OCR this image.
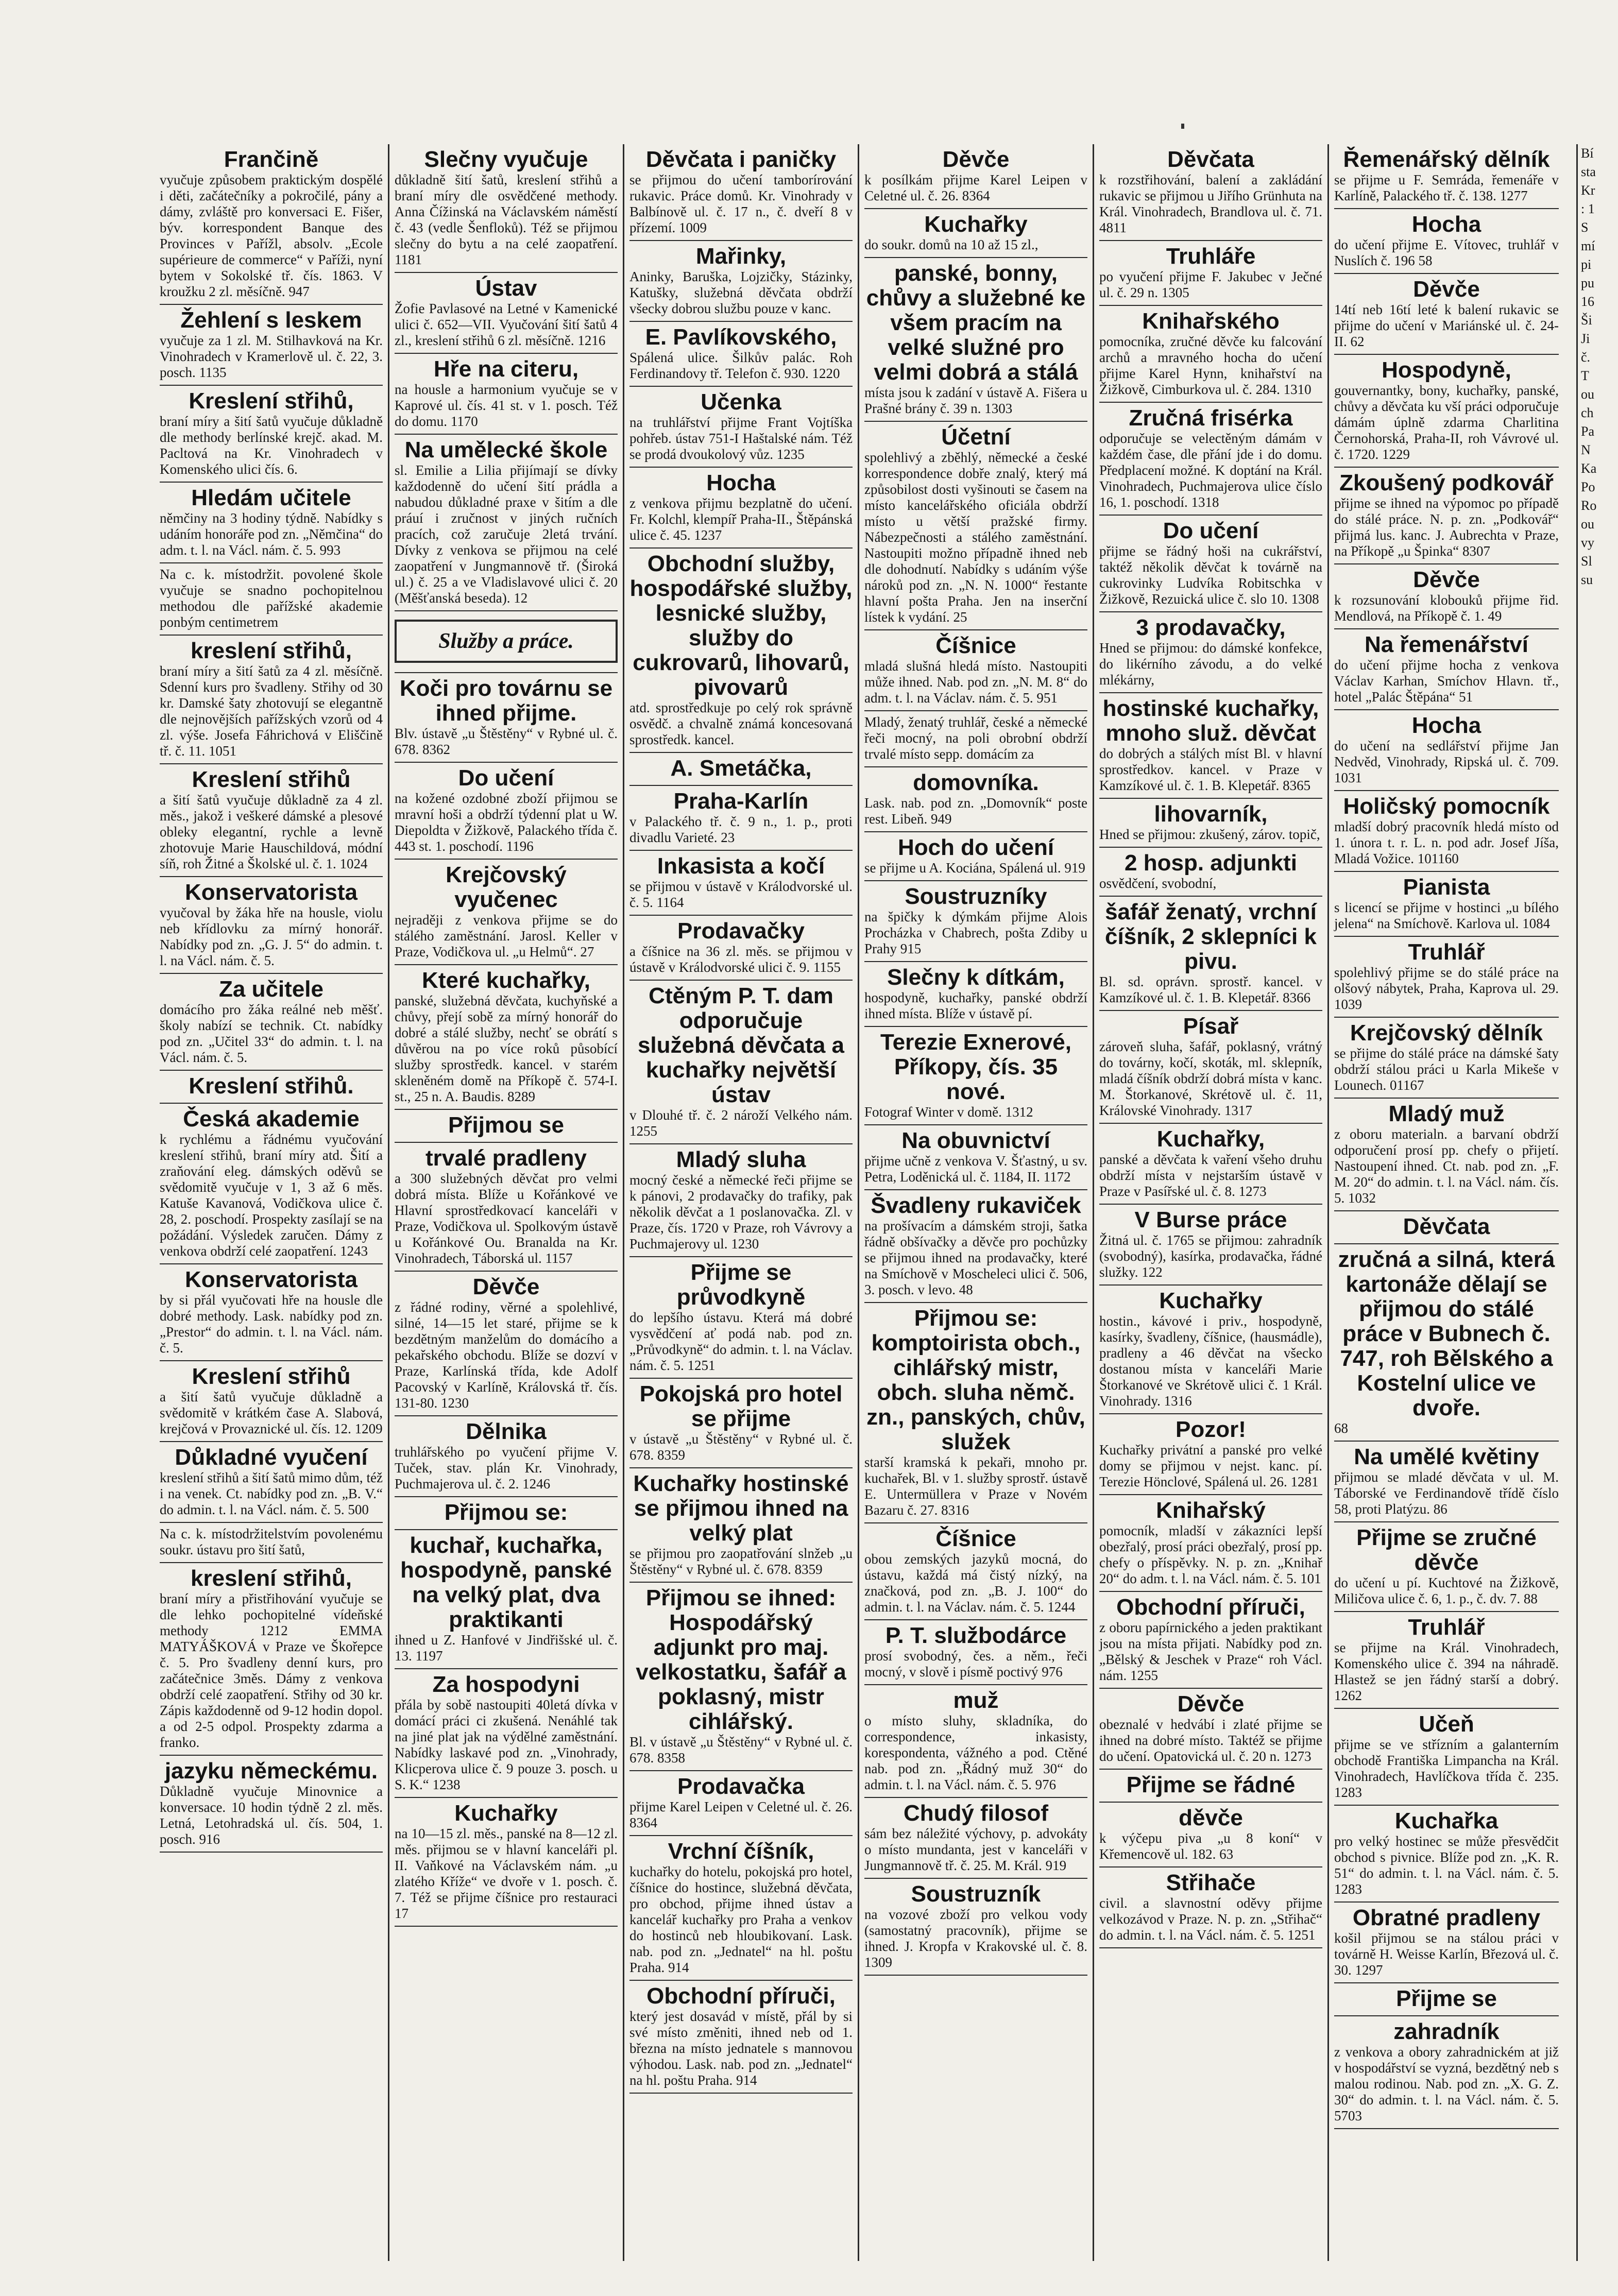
Frančině

vyučuje způsobem praktickým dospělé i děti, začátečníky a pokročilé, pány a dámy, zvláště pro konversaci E. Fišer, býv. korrespondent Banque des Provinces v Pařížl, absolv. „Ecole supérieure de commerce“ v Paříži, nyní bytem v Sokolské tř. čís. 1863. V kroužku 2 zl. měsíčně. 947

Žehlení s leskem

vyučuje za 1 zl. M. Stilhavková na Kr. Vinohradech v Kramerlově ul. č. 22, 3. posch. 1135

Kreslení střihů,

braní míry a šití šatů vyučuje důkladně dle methody berlínské krejč. akad. M. Pacltová na Kr. Vinohradech v Komenského ulici čís. 6.

Hledám učitele

němčiny na 3 hodiny týdně. Nabídky s udáním honoráře pod zn. „Němčina“ do adm. t. l. na Václ. nám. č. 5. 993

Na c. k. místodržit. povolené škole vyučuje se snadno pochopitelnou methodou dle pařížské akademie ponbým centimetrem

kreslení střihů,

braní míry a šití šatů za 4 zl. měsíčně. Sdenní kurs pro švadleny. Střihy od 30 kr. Damské šaty zhotovují se elegantně dle nejnovějších pařížských vzorů od 4 zl. výše. Josefa Fáhrichová v Eliščině tř. č. 11. 1051

Kreslení střihů

a šití šatů vyučuje důkladně za 4 zl. měs., jakož i veškeré dámské a plesové obleky elegantní, rychle a levně zhotovuje Marie Hauschildová, módní síň, roh Žitné a Školské ul. č. 1. 1024

Konservatorista

vyučoval by žáka hře na housle, violu neb křídlovku za mírný honorář. Nabídky pod zn. „G. J. 5“ do admin. t. l. na Václ. nám. č. 5.

Za učitele

domácího pro žáka reálné neb měšť. školy nabízí se technik. Ct. nabídky pod zn. „Učitel 33“ do admin. t. l. na Václ. nám. č. 5.

Kreslení střihů.

Česká akademie

k rychlému a řádnému vyučování kreslení střihů, braní míry atd. Šití a zraňování eleg. dámských oděvů se svědomitě vyučuje v 1, 3 až 6 měs. Katuše Kavanová, Vodičkova ulice č. 28, 2. poschodí. Prospekty zasílají se na požádání. Výsledek zaručen. Dámy z venkova obdrží celé zaopatření. 1243

Konservatorista

by si přál vyučovati hře na housle dle dobré methody. Lask. nabídky pod zn. „Prestor“ do admin. t. l. na Václ. nám. č. 5.

Kreslení střihů

a šití šatů vyučuje důkladně a svědomitě v krátkém čase A. Slabová, krejčová v Provaznické ul. čís. 12. 1209

Důkladné vyučení

kreslení střihů a šití šatů mimo dům, též i na venek. Ct. nabídky pod zn. „B. V.“ do admin. t. l. na Václ. nám. č. 5. 500

Na c. k. místodržitelstvím povolenému soukr. ústavu pro šití šatů,

kreslení střihů,

braní míry a přistřihování vyučuje se dle lehko pochopitelné vídeňské methody 1212 EMMA MATYÁŠKOVÁ v Praze ve Škořepce č. 5. Pro švadleny denní kurs, pro začátečnice 3měs. Dámy z venkova obdrží celé zaopatření. Střihy od 30 kr. Zápis každodenně od 9-12 hodin dopol. a od 2-5 odpol. Prospekty zdarma a franko.

jazyku německému.

Důkladně vyučuje Minovnice a konversace. 10 hodin týdně 2 zl. měs. Letná, Letohradská ul. čís. 504, 1. posch. 916

Slečny vyučuje

důkladně šití šatů, kreslení střihů a braní míry dle osvědčené methody. Anna Čížinská na Václavském náměstí č. 43 (vedle Šenfloků). Též se přijmou slečny do bytu a na celé zaopatření. 1181

Ústav

Žofie Pavlasové na Letné v Kamenické ulici č. 652—VII. Vyučování šití šatů 4 zl., kreslení střihů 6 zl. měsíčně. 1216

Hře na citeru,

na housle a harmonium vyučuje se v Kaprové ul. čís. 41 st. v 1. posch. Též do domu. 1170

Na umělecké škole

sl. Emilie a Lilia přijímají se dívky každodenně do učení šití prádla a nabudou důkladné praxe v šitím a dle práuí i zručnost v jiných ručních pracích, což zaručuje 2letá trvání. Dívky z venkova se přijmou na celé zaopatření v Jungmannově tř. (Široká ul.) č. 25 a ve Vladislavové ulici č. 20 (Měšťanská beseda). 12

Služby a práce.
Koči pro továrnu se ihned přijme.

Blv. ústavě „u Štěstěny“ v Rybné ul. č. 678. 8362

Do učení

na kožené ozdobné zboží přijmou se mravní hoši a obdrží týdenní plat u W. Diepoldta v Žižkově, Palackého třída č. 443 st. 1. poschodí. 1196

Krejčovský vyučenec

nejraději z venkova přijme se do stálého zaměstnání. Jarosl. Keller v Praze, Vodičkova ul. „u Helmů“. 27

Které kuchařky,

panské, služebná děvčata, kuchyňské a chůvy, přejí sobě za mírný honorář do dobré a stálé služby, nechť se obrátí s důvěrou na po více roků působící služby sprostředk. kancel. v starém skleněném domě na Příkopě č. 574-I. st., 25 n. A. Baudis. 8289

Přijmou se

trvalé pradleny

a 300 služebných děvčat pro velmi dobrá místa. Blíže u Kořánkové ve Hlavní sprostředkovací kanceláři v Praze, Vodičkova ul. Spolkovým ústavě u Kořánkové Ou. Branalda na Kr. Vinohradech, Táborská ul. 1157

Děvče

z řádné rodiny, věrné a spolehlivé, silné, 14—15 let staré, přijme se k bezdětným manželům do domácího a pekařského obchodu. Blíže se dozví v Praze, Karlínská třída, kde Adolf Pacovský v Karlíně, Královská tř. čís. 131-80. 1230

Dělnika

truhlářského po vyučení přijme V. Tuček, stav. plán Kr. Vinohrady, Puchmajerova ul. č. 2. 1246

Přijmou se:

kuchař, kuchařka, hospodyně, panské na velký plat, dva praktikanti

ihned u Z. Hanfové v Jindřišské ul. č. 13. 1197

Za hospodyni

přála by sobě nastoupiti 40letá dívka v domácí práci ci zkušená. Nenáhlé tak na jiné plat jak na výdělné zaměstnání. Nabídky laskavé pod zn. „Vinohrady, Klicperova ulice č. 9 pouze 3. posch. u S. K.“ 1238

Kuchařky

na 10—15 zl. měs., panské na 8—12 zl. měs. přijmou se v hlavní kanceláři pl. II. Vaňkové na Václavském nám. „u zlatého Kříže“ ve dvoře v 1. posch. č. 7. Též se přijme číšnice pro restauraci 17

Děvčata i paničky

se přijmou do učení tamborírování rukavic. Práce domů. Kr. Vinohrady v Balbínově ul. č. 17 n., č. dveří 8 v přízemí. 1009

Mařinky,

Aninky, Baruška, Lojzičky, Stázinky, Katušky, služebná děvčata obdrží všecky dobrou službu pouze v kanc.

E. Pavlíkovského,

Spálená ulice. Šilkův palác. Roh Ferdinandovy tř. Telefon č. 930. 1220

Učenka

na truhlářství přijme Frant Vojtíška pohřeb. ústav 751-I Haštalské nám. Též se prodá dvoukolový vůz. 1235

Hocha

z venkova přijmu bezplatně do učení. Fr. Kolchl, klempíř Praha-II., Štěpánská ulice č. 45. 1237

Obchodní služby, hospodářské služby, lesnické služby, služby do cukrovarů, lihovarů, pivovarů

atd. sprostředkuje po celý rok správně osvědč. a chvalně známá koncesovaná sprostředk. kancel.

A. Smetáčka,

Praha-Karlín

v Palackého tř. č. 9 n., 1. p., proti divadlu Varieté. 23

Inkasista a kočí

se přijmou v ústavě v Králodvorské ul. č. 5. 1164

Prodavačky

a číšnice na 36 zl. měs. se přijmou v ústavě v Králodvorské ulici č. 9. 1155

Ctěným P. T. dam odporučuje služebná děvčata a kuchařky největší ústav

v Dlouhé tř. č. 2 nároží Velkého nám. 1255

Mladý sluha

mocný české a německé řeči přijme se k pánovi, 2 prodavačky do trafiky, pak několik děvčat a 1 poslanovačka. Zl. v Praze, čís. 1720 v Praze, roh Vávrovy a Puchmajerovy ul. 1230

Přijme se průvodkyně

do lepšího ústavu. Která má dobré vysvědčení ať podá nab. pod zn. „Průvodkyně“ do admin. t. l. na Václav. nám. č. 5. 1251

Pokojská pro hotel se přijme

v ústavě „u Štěstěny“ v Rybné ul. č. 678. 8359

Kuchařky hostinské se přijmou ihned na velký plat

se přijmou pro zaopatřování slnžeb „u Štěstěny“ v Rybné ul. č. 678. 8359

Přijmou se ihned: Hospodářský adjunkt pro maj. velkostatku, šafář a poklasný, mistr cihlářský.

Bl. v ústavě „u Štěstěny“ v Rybné ul. č. 678. 8358

Prodavačka

přijme Karel Leipen v Celetné ul. č. 26. 8364

Vrchní číšník,

kuchařky do hotelu, pokojská pro hotel, číšnice do hostince, služebná děvčata, pro obchod, přijme ihned ústav a kancelář kuchařky pro Praha a venkov do hostinců neb hloubikovaní. Lask. nab. pod zn. „Jednatel“ na hl. poštu Praha. 914

Obchodní příruči,

který jest dosavád v místě, přál by si své místo změniti, ihned neb od 1. března na místo jednatele s mannovou výhodou. Lask. nab. pod zn. „Jednatel“ na hl. poštu Praha. 914

Děvče

k posílkám přijme Karel Leipen v Celetné ul. č. 26. 8364

Kuchařky

do soukr. domů na 10 až 15 zl.,

panské, bonny, chůvy a služebné ke všem pracím na velké služné pro velmi dobrá a stálá

místa jsou k zadání v ústavě A. Fišera u Prašné brány č. 39 n. 1303

Účetní

spolehlivý a zběhlý, německé a české korrespondence dobře znalý, který má způsobilost dosti vyšinouti se časem na místo kancelářského oficiála obdrží místo u větší pražské firmy. Nábezpečnosti a stálého zaměstnání. Nastoupiti možno případně ihned neb dle dohodnutí. Nabídky s udáním výše nároků pod zn. „N. N. 1000“ řestante hlavní pošta Praha. Jen na inserční lístek k vydání. 25

Číšnice

mladá slušná hledá místo. Nastoupiti může ihned. Nab. pod zn. „N. M. 8“ do adm. t. l. na Václav. nám. č. 5. 951

Mladý, ženatý truhlář, české a německé řeči mocný, na poli obrobní obdrží trvalé místo sepp. domácím za

domovníka.

Lask. nab. pod zn. „Domovník“ poste rest. Libeň. 949

Hoch do učení

se přijme u A. Kociána, Spálená ul. 919

Soustruzníky

na špičky k dýmkám přijme Alois Procházka v Chabrech, pošta Zdiby u Prahy 915

Slečny k dítkám,

hospodyně, kuchařky, panské obdrží ihned místa. Blíže v ústavě pí.

Terezie Exnerové, Příkopy, čís. 35 nové.

Fotograf Winter v domě. 1312

Na obuvnictví

přijme učně z venkova V. Šťastný, u sv. Petra, Loděnická ul. č. 1184, II. 1172

Švadleny rukaviček

na prošívacím a dámském stroji, šatka řádně obšívačky a děvče pro pochůzky se přijmou ihned na prodavačky, které na Smíchově v Moscheleci ulici č. 506, 3. posch. v levo. 48

Přijmou se: komptoirista obch., cihlářský mistr, obch. sluha němč. zn., panských, chův, služek

starší kramská k pekaři, mnoho pr. kuchařek, Bl. v 1. služby sprostř. ústavě E. Untermüllera v Praze v Novém Bazaru č. 27. 8316

Číšnice

obou zemských jazyků mocná, do ústavu, každá má čistý nízký, na značková, pod zn. „B. J. 100“ do admin. t. l. na Václav. nám. č. 5. 1244

P. T. službodárce

prosí svobodný, čes. a něm., řeči mocný, v slově i písmě poctivý 976

muž

o místo sluhy, skladníka, do correspondence, inkasisty, korespondenta, vážného a pod. Ctěné nab. pod zn. „Řádný muž 30“ do admin. t. l. na Václ. nám. č. 5. 976

Chudý filosof

sám bez náležité výchovy, p. advokáty o místo mundanta, jest v kanceláři v Jungmannově tř. č. 25. M. Král. 919

Soustruzník

na vozové zboží pro velkou vody (samostatný pracovník), přijme se ihned. J. Kropfa v Krakovské ul. č. 8. 1309

Děvčata

k rozstřihování, balení a zakládání rukavic se přijmou u Jiřího Grünhuta na Král. Vinohradech, Brandlova ul. č. 71. 4811

Truhláře

po vyučení přijme F. Jakubec v Ječné ul. č. 29 n. 1305

Knihařského

pomocníka, zručné děvče ku falcování archů a mravného hocha do učení přijme Karel Hynn, knihařství na Žižkově, Cimburkova ul. č. 284. 1310

Zručná frisérka

odporučuje se velectěným dámám v každém čase, dle přání jde i do domu. Předplacení možné. K doptání na Král. Vinohradech, Puchmajerova ulice číslo 16, 1. poschodí. 1318

Do učení

přijme se řádný hoši na cukrářství, taktéž několik děvčat k továrně na cukrovinky Ludvíka Robitschka v Žižkově, Rezuická ulice č. slo 10. 1308

3 prodavačky,

Hned se přijmou: do dámské konfekce, do likérního závodu, a do velké mlékárny,

hostinské kuchařky, mnoho služ. děvčat

do dobrých a stálých míst Bl. v hlavní sprostředkov. kancel. v Praze v Kamzíkové ul. č. 1. B. Klepetář. 8365

lihovarník,

Hned se přijmou: zkušený, zárov. topič,

2 hosp. adjunkti

osvědčení, svobodní,

šafář ženatý, vrchní číšník, 2 sklepníci k pivu.

Bl. sd. oprávn. sprostř. kancel. v Kamzíkové ul. č. 1. B. Klepetář. 8366

Písař

zároveň sluha, šafář, poklasný, vrátný do továrny, kočí, skoták, ml. sklepník, mladá číšník obdrží dobrá místa v kanc. M. Štorkanové, Skrétově ul. č. 11, Královské Vinohrady. 1317

Kuchařky,

panské a děvčata k vaření všeho druhu obdrží místa v nejstarším ústavě v Praze v Pasířské ul. č. 8. 1273

V Burse práce

Žitná ul. č. 1765 se přijmou: zahradník (svobodný), kasírka, prodavačka, řádné služky. 122

Kuchařky

hostin., kávové i priv., hospodyně, kasírky, švadleny, číšnice, (hausmádle), pradleny a 46 děvčat na všecko dostanou místa v kanceláři Marie Štorkanové ve Skrétově ulici č. 1 Král. Vinohrady. 1316

Pozor!

Kuchařky privátní a panské pro velké domy se přijmou v nejst. kanc. pí. Terezie Hönclové, Spálená ul. 26. 1281

Knihařský

pomocník, mladší v zákazníci lepší obezřalý, prosí práci obezřalý, prosí pp. chefy o příspěvky. N. p. zn. „Knihař 20“ do adm. t. l. na Václ. nám. č. 5. 101

Obchodní příruči,

z oboru papírnického a jeden praktikant jsou na místa přijati. Nabídky pod zn. „Bělský & Jeschek v Praze“ roh Václ. nám. 1255

Děvče

obeznalé v hedvábí i zlaté přijme se ihned na dobré místo. Taktéž se přijme do učení. Opatovická ul. č. 20 n. 1273

Přijme se řádné

děvče

k výčepu piva „u 8 koní“ v Křemencově ul. 182. 63

Střihače

civil. a slavnostní oděvy přijme velkozávod v Praze. N. p. zn. „Střihač“ do admin. t. l. na Václ. nám. č. 5. 1251

Řemenářský dělník

se přijme u F. Semráda, řemenáře v Karlíně, Palackého tř. č. 138. 1277

Hocha

do učení přijme E. Vítovec, truhlář v Nuslích č. 196 58

Děvče

14tí neb 16tí leté k balení rukavic se přijme do učení v Mariánské ul. č. 24-II. 62

Hospodyně,

gouvernantky, bony, kuchařky, panské, chůvy a děvčata ku vší práci odporučuje dámám úplně zdarma Charlitina Černohorská, Praha-II, roh Vávrové ul. č. 1720. 1229

Zkoušený podkovář

přijme se ihned na výpomoc po případě do stálé práce. N. p. zn. „Podkovář“ přijmá lus. kanc. J. Aubrechta v Praze, na Příkopě „u Špinka“ 8307

Děvče

k rozsunování klobouků přijme řid. Mendlová, na Příkopě č. 1. 49

Na řemenářství

do učení přijme hocha z venkova Václav Karhan, Smíchov Hlavn. tř., hotel „Palác Štěpána“ 51

Hocha

do učení na sedlářství přijme Jan Nedvěd, Vinohrady, Ripská ul. č. 709. 1031

Holičský pomocník

mladší dobrý pracovník hledá místo od 1. února t. r. L. n. pod adr. Josef Jíša, Mladá Vožice. 101160

Pianista

s licencí se přijme v hostinci „u bílého jelena“ na Smíchově. Karlova ul. 1084

Truhlář

spolehlivý přijme se do stálé práce na olšový nábytek, Praha, Kaprova ul. 29. 1039

Krejčovský dělník

se přijme do stálé práce na dámské šaty obdrží stálou práci u Karla Mikeše v Lounech. 01167

Mladý muž

z oboru materialn. a barvaní obdrží odporučení prosí pp. chefy o přijetí. Nastoupení ihned. Ct. nab. pod zn. „F. M. 20“ do admin. t. l. na Václ. nám. čís. 5. 1032

Děvčata

zručná a silná, která kartonáže dělají se přijmou do stálé práce v Bubnech č. 747, roh Bělského a Kostelní ulice ve dvoře.

68

Na umělé květiny

přijmou se mladé děvčata v ul. M. Táborské ve Ferdinandově třídě číslo 58, proti Platýzu. 86

Přijme se zručné děvče

do učení u pí. Kuchtové na Žižkově, Miličova ulice č. 6, 1. p., č. dv. 7. 88

Truhlář

se přijme na Král. Vinohradech, Komenského ulice č. 394 na náhradě. Hlastež se jen řádný starší a dobrý. 1262

Učeň

přijme se ve střízním a galanterním obchodě Františka Limpancha na Král. Vinohradech, Havlíčkova třída č. 235. 1283

Kuchařka

pro velký hostinec se může přesvědčit obchod s pivnice. Blíže pod zn. „K. R. 51“ do admin. t. l. na Václ. nám. č. 5. 1283

Obratné pradleny

košil přijmou se na stálou práci v továrně H. Weisse Karlín, Březová ul. č. 30. 1297

Přijme se

zahradník

z venkova a obory zahradnickém at již v hospodářství se vyzná, bezdětný neb s malou rodinou. Nab. pod zn. „X. G. Z. 30“ do admin. t. l. na Václ. nám. č. 5. 5703

Bí
sta
Kr
: 1
S
mí
pi
pu
16
Ši
Ji
č.
T
ou
ch
Pa
N
Ka
Po
Ro
ou
vy
Sl
su
